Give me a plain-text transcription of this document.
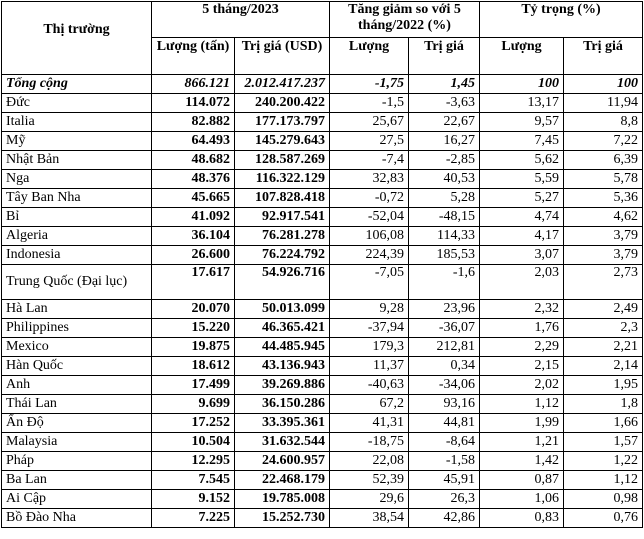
Thị trường	5 tháng/2023		Tăng giảm so với 5 tháng/2022 (%)		Tỷ trọng (%)	
	Lượng (tấn)	Trị giá (USD)	Lượng	Trị giá	Lượng	Trị giá
Tổng cộng	866.121	2.012.417.237	-1,75	1,45	100	100
Đức	114.072	240.200.422	-1,5	-3,63	13,17	11,94
Italia	82.882	177.173.797	25,67	22,67	9,57	8,8
Mỹ	64.493	145.279.643	27,5	16,27	7,45	7,22
Nhật Bản	48.682	128.587.269	-7,4	-2,85	5,62	6,39
Nga	48.376	116.322.129	32,83	40,53	5,59	5,78
Tây Ban Nha	45.665	107.828.418	-0,72	5,28	5,27	5,36
Bỉ	41.092	92.917.541	-52,04	-48,15	4,74	4,62
Algeria	36.104	76.281.278	106,08	114,33	4,17	3,79
Indonesia	26.600	76.224.792	224,39	185,53	3,07	3,79
Trung Quốc (Đại lục)	17.617	54.926.716	-7,05	-1,6	2,03	2,73
Hà Lan	20.070	50.013.099	9,28	23,96	2,32	2,49
Philippines	15.220	46.365.421	-37,94	-36,07	1,76	2,3
Mexico	19.875	44.485.945	179,3	212,81	2,29	2,21
Hàn Quốc	18.612	43.136.943	11,37	0,34	2,15	2,14
Anh	17.499	39.269.886	-40,63	-34,06	2,02	1,95
Thái Lan	9.699	36.150.286	67,2	93,16	1,12	1,8
Ấn Độ	17.252	33.395.361	41,31	44,81	1,99	1,66
Malaysia	10.504	31.632.544	-18,75	-8,64	1,21	1,57
Pháp	12.295	24.600.957	22,08	-1,58	1,42	1,22
Ba Lan	7.545	22.468.179	52,39	45,91	0,87	1,12
Ai Cập	9.152	19.785.008	29,6	26,3	1,06	0,98
Bồ Đào Nha	7.225	15.252.730	38,54	42,86	0,83	0,76
